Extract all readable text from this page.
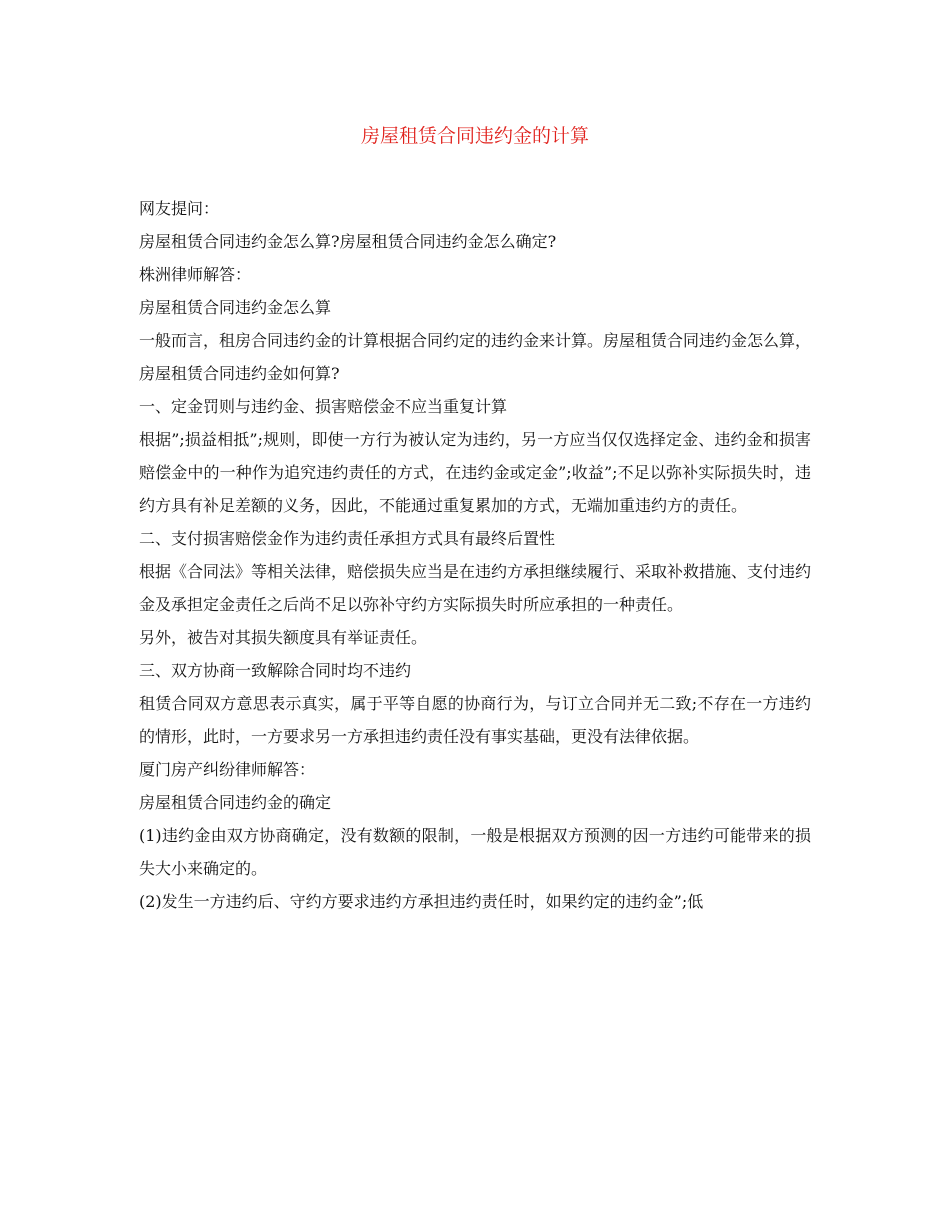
房屋租赁合同违约金的计算

网友提问：

房屋租赁合同违约金怎么算?房屋租赁合同违约金怎么确定?

株洲律师解答：

房屋租赁合同违约金怎么算

一般而言，租房合同违约金的计算根据合同约定的违约金来计算。房屋租赁合同违约金怎么算，房屋租赁合同违约金如何算?

一、定金罚则与违约金、损害赔偿金不应当重复计算

根据”;损益相抵”;规则，即使一方行为被认定为违约，另一方应当仅仅选择定金、违约金和损害赔偿金中的一种作为追究违约责任的方式，在违约金或定金”;收益”;不足以弥补实际损失时，违约方具有补足差额的义务，因此，不能通过重复累加的方式，无端加重违约方的责任。

二、支付损害赔偿金作为违约责任承担方式具有最终后置性

根据《合同法》等相关法律，赔偿损失应当是在违约方承担继续履行、采取补救措施、支付违约金及承担定金责任之后尚不足以弥补守约方实际损失时所应承担的一种责任。

另外，被告对其损失额度具有举证责任。

三、双方协商一致解除合同时均不违约

租赁合同双方意思表示真实，属于平等自愿的协商行为，与订立合同并无二致;不存在一方违约的情形，此时，一方要求另一方承担违约责任没有事实基础，更没有法律依据。

厦门房产纠纷律师解答：

房屋租赁合同违约金的确定

(1)违约金由双方协商确定，没有数额的限制，一般是根据双方预测的因一方违约可能带来的损失大小来确定的。

(2)发生一方违约后、守约方要求违约方承担违约责任时，如果约定的违约金”;低
